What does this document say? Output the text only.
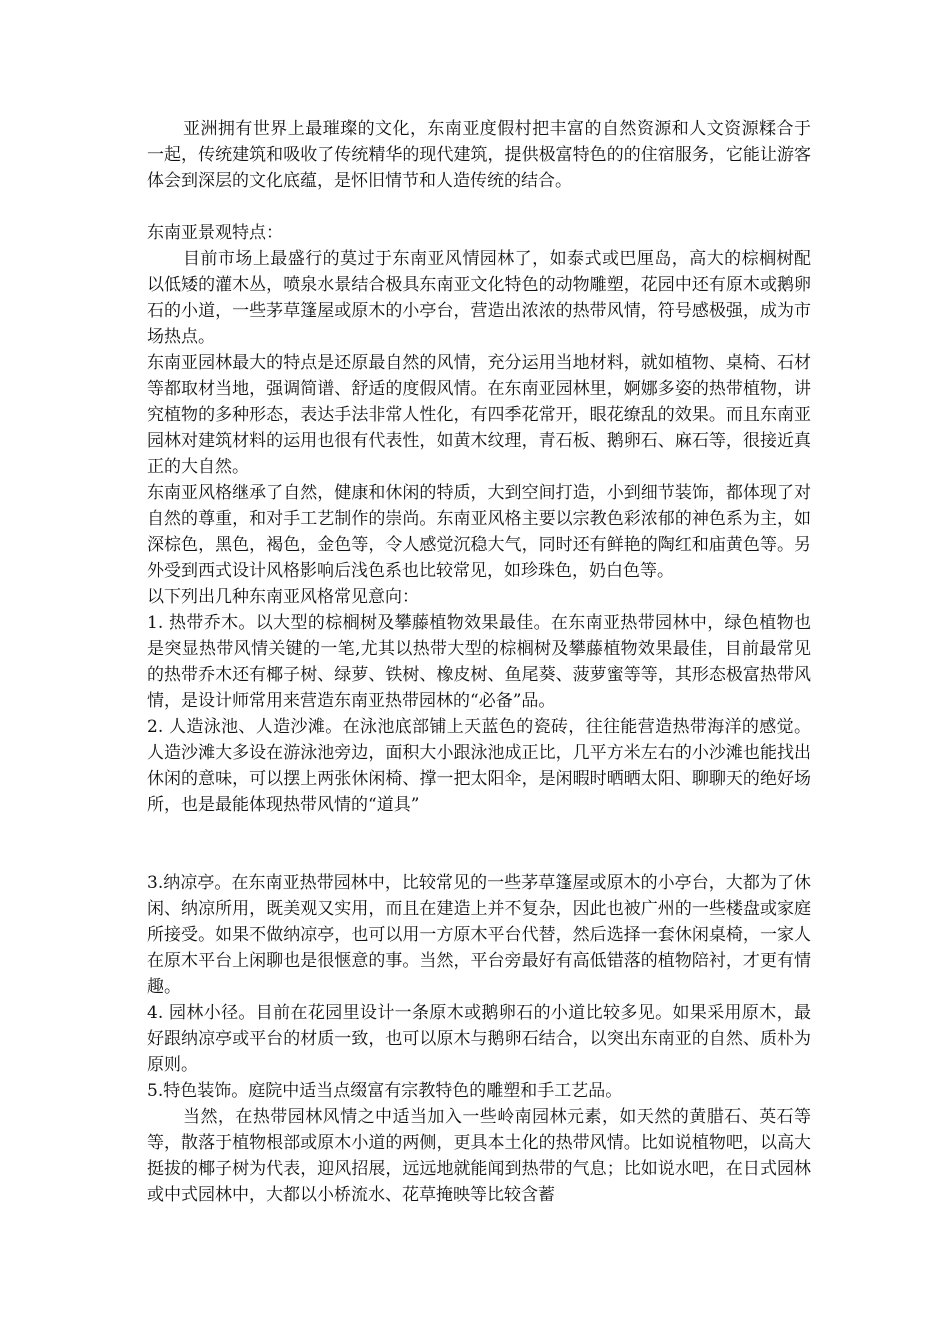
亚洲拥有世界上最璀璨的文化，东南亚度假村把丰富的自然资源和人文资源糅合于一起，传统建筑和吸收了传统精华的现代建筑，提供极富特色的的住宿服务，它能让游客体会到深层的文化底蕴，是怀旧情节和人造传统的结合。

东南亚景观特点：

目前市场上最盛行的莫过于东南亚风情园林了，如泰式或巴厘岛，高大的棕榈树配以低矮的灌木丛，喷泉水景结合极具东南亚文化特色的动物雕塑，花园中还有原木或鹅卵石的小道，一些茅草篷屋或原木的小亭台，营造出浓浓的热带风情，符号感极强，成为市场热点。

东南亚园林最大的特点是还原最自然的风情，充分运用当地材料，就如植物、桌椅、石材等都取材当地，强调简谱、舒适的度假风情。在东南亚园林里，婀娜多姿的热带植物，讲究植物的多种形态，表达手法非常人性化，有四季花常开，眼花缭乱的效果。而且东南亚园林对建筑材料的运用也很有代表性，如黄木纹理，青石板、鹅卵石、麻石等，很接近真正的大自然。

东南亚风格继承了自然，健康和休闲的特质，大到空间打造，小到细节装饰，都体现了对自然的尊重，和对手工艺制作的崇尚。东南亚风格主要以宗教色彩浓郁的神色系为主，如深棕色，黑色，褐色，金色等，令人感觉沉稳大气，同时还有鲜艳的陶红和庙黄色等。另外受到西式设计风格影响后浅色系也比较常见，如珍珠色，奶白色等。

以下列出几种东南亚风格常见意向：

1. 热带乔木。以大型的棕榈树及攀藤植物效果最佳。在东南亚热带园林中，绿色植物也是突显热带风情关键的一笔,尤其以热带大型的棕榈树及攀藤植物效果最佳，目前最常见的热带乔木还有椰子树、绿萝、铁树、橡皮树、鱼尾葵、菠萝蜜等等，其形态极富热带风情，是设计师常用来营造东南亚热带园林的“必备”品。

2. 人造泳池、人造沙滩。在泳池底部铺上天蓝色的瓷砖，往往能营造热带海洋的感觉。人造沙滩大多设在游泳池旁边，面积大小跟泳池成正比，几平方米左右的小沙滩也能找出休闲的意味，可以摆上两张休闲椅、撑一把太阳伞，是闲暇时晒晒太阳、聊聊天的绝好场所，也是最能体现热带风情的“道具”

3.纳凉亭。在东南亚热带园林中，比较常见的一些茅草篷屋或原木的小亭台，大都为了休闲、纳凉所用，既美观又实用，而且在建造上并不复杂，因此也被广州的一些楼盘或家庭所接受。如果不做纳凉亭，也可以用一方原木平台代替，然后选择一套休闲桌椅，一家人在原木平台上闲聊也是很惬意的事。当然，平台旁最好有高低错落的植物陪衬，才更有情趣。

4. 园林小径。目前在花园里设计一条原木或鹅卵石的小道比较多见。如果采用原木，最好跟纳凉亭或平台的材质一致，也可以原木与鹅卵石结合，以突出东南亚的自然、质朴为原则。

5.特色装饰。庭院中适当点缀富有宗教特色的雕塑和手工艺品。

当然，在热带园林风情之中适当加入一些岭南园林元素，如天然的黄腊石、英石等等，散落于植物根部或原木小道的两侧，更具本土化的热带风情。比如说植物吧，以高大挺拔的椰子树为代表，迎风招展，远远地就能闻到热带的气息；比如说水吧，在日式园林或中式园林中，大都以小桥流水、花草掩映等比较含蓄
